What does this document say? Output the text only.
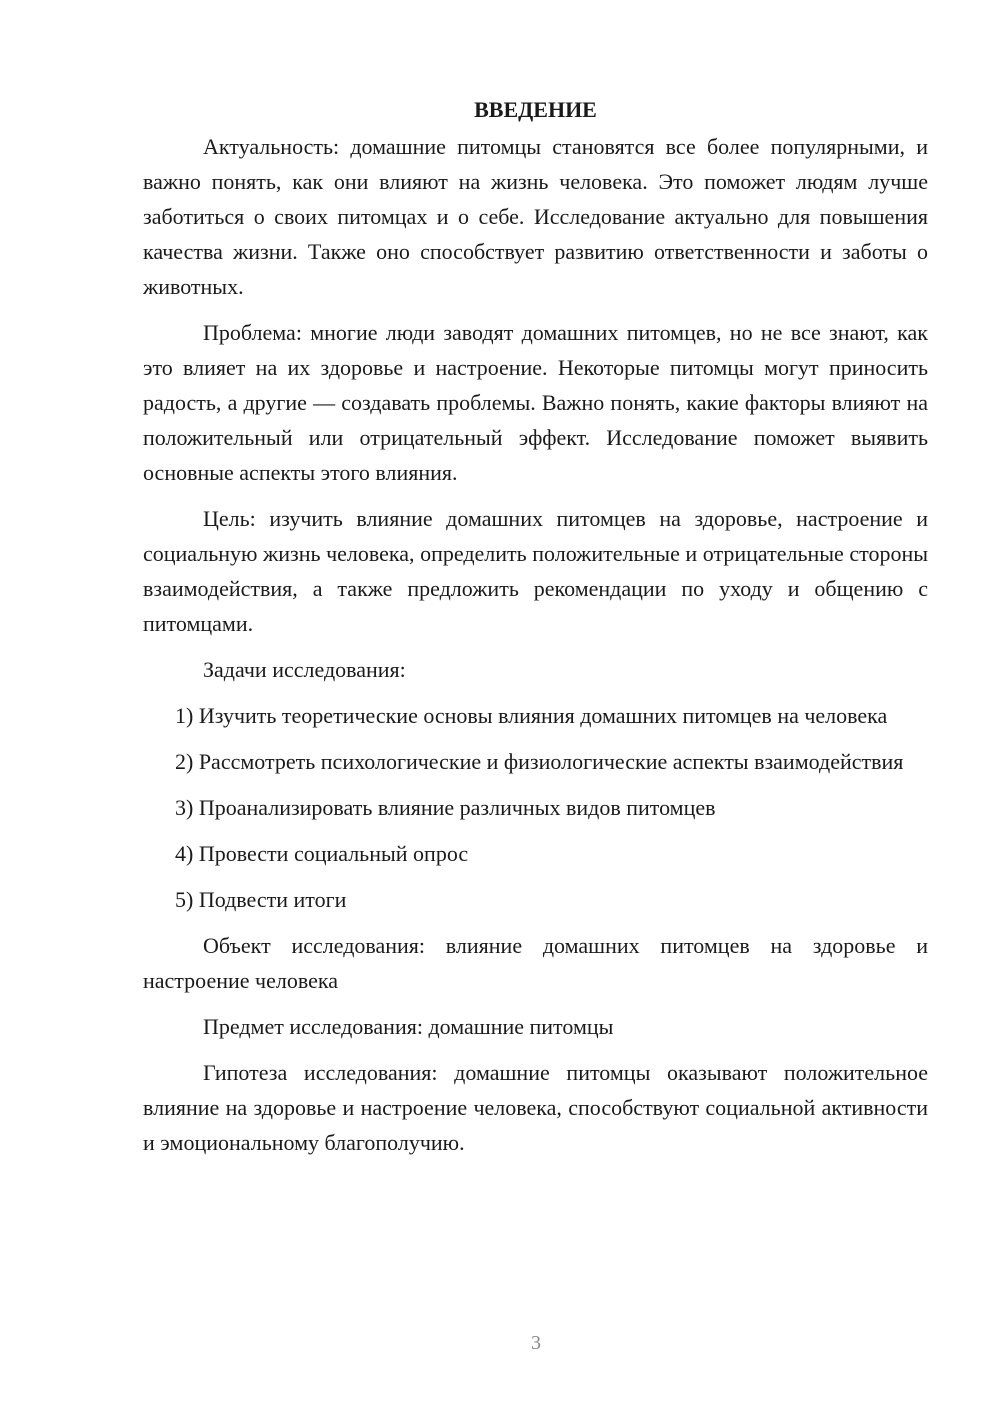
ВВЕДЕНИЕ

Актуальность: домашние питомцы становятся все более популярными, и важно понять, как они влияют на жизнь человека. Это поможет людям лучше заботиться о своих питомцах и о себе. Исследование актуально для повышения качества жизни. Также оно способствует развитию ответственности и заботы о животных.

Проблема: многие люди заводят домашних питомцев, но не все знают, как это влияет на их здоровье и настроение. Некоторые питомцы могут приносить радость, а другие — создавать проблемы. Важно понять, какие факторы влияют на положительный или отрицательный эффект. Исследование поможет выявить основные аспекты этого влияния.

Цель: изучить влияние домашних питомцев на здоровье, настроение и социальную жизнь человека, определить положительные и отрицательные стороны взаимодействия, а также предложить рекомендации по уходу и общению с питомцами.

Задачи исследования:

1) Изучить теоретические основы влияния домашних питомцев на человека

2) Рассмотреть психологические и физиологические аспекты взаимодействия

3) Проанализировать влияние различных видов питомцев

4) Провести социальный опрос

5) Подвести итоги

Объект исследования: влияние домашних питомцев на здоровье и настроение человека

Предмет исследования: домашние питомцы

Гипотеза исследования: домашние питомцы оказывают положительное влияние на здоровье и настроение человека, способствуют социальной активности и эмоциональному благополучию.

3
